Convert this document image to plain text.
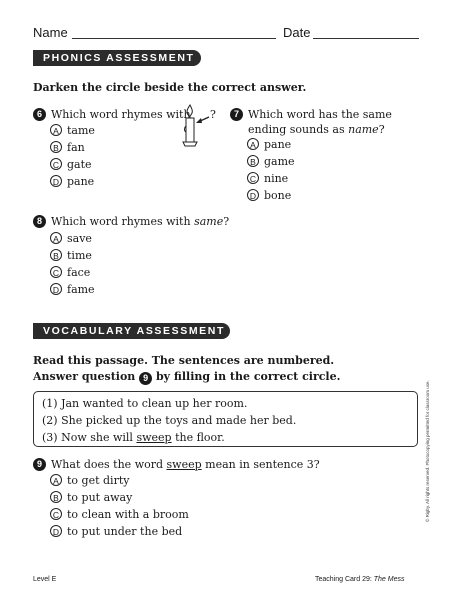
Name	Date
PHONICS ASSESSMENT
Darken the circle beside the correct answer.
6 Which word rhymes with ?
A tame
B fan
C gate
D pane
7 Which word has the same
ending sounds as name?
A pane
B game
C nine
D bone
8 Which word rhymes with same?
A save
B time
C face
D fame
VOCABULARY ASSESSMENT
Read this passage. The sentences are numbered.
Answer question 9 by filling in the correct circle.
(1) Jan wanted to clean up her room.
(2) She picked up the toys and made her bed.
(3) Now she will sweep the floor.
9 What does the word sweep mean in sentence 3?
A to get dirty
B to put away
C to clean with a broom
D to put under the bed
© Rigby. All rights reserved. Photocopying permitted for classroom use.
Level E	Teaching Card 29: The Mess
